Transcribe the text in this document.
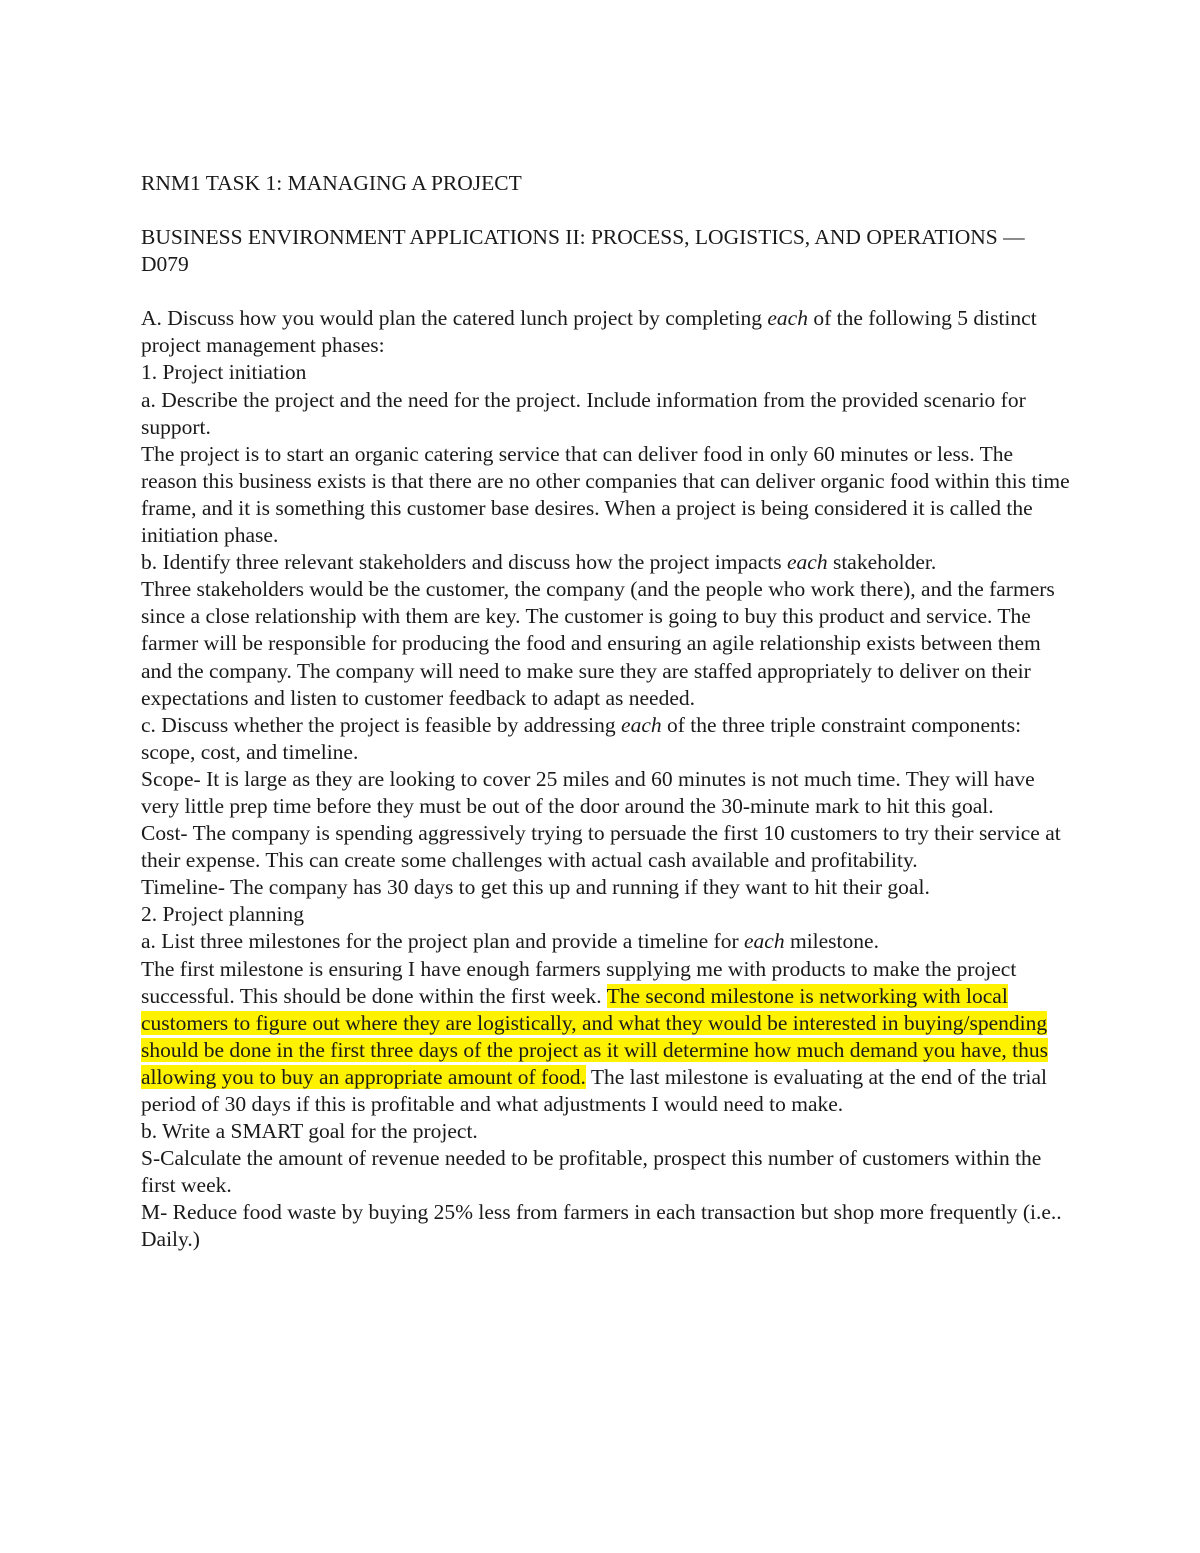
RNM1 TASK 1: MANAGING A PROJECT

BUSINESS ENVIRONMENT APPLICATIONS II: PROCESS, LOGISTICS, AND OPERATIONS — D079

A. Discuss how you would plan the catered lunch project by completing each of the following 5 distinct project management phases:

1. Project initiation

a. Describe the project and the need for the project. Include information from the provided scenario for support.

The project is to start an organic catering service that can deliver food in only 60 minutes or less. The reason this business exists is that there are no other companies that can deliver organic food within this time frame, and it is something this customer base desires. When a project is being considered it is called the initiation phase.

b. Identify three relevant stakeholders and discuss how the project impacts each stakeholder.

Three stakeholders would be the customer, the company (and the people who work there), and the farmers since a close relationship with them are key. The customer is going to buy this product and service. The farmer will be responsible for producing the food and ensuring an agile relationship exists between them and the company. The company will need to make sure they are staffed appropriately to deliver on their expectations and listen to customer feedback to adapt as needed.

c. Discuss whether the project is feasible by addressing each of the three triple constraint components: scope, cost, and timeline.

Scope- It is large as they are looking to cover 25 miles and 60 minutes is not much time. They will have very little prep time before they must be out of the door around the 30-minute mark to hit this goal.

Cost- The company is spending aggressively trying to persuade the first 10 customers to try their service at their expense. This can create some challenges with actual cash available and profitability.

Timeline- The company has 30 days to get this up and running if they want to hit their goal.

2. Project planning

a. List three milestones for the project plan and provide a timeline for each milestone.

The first milestone is ensuring I have enough farmers supplying me with products to make the project successful. This should be done within the first week. The second milestone is networking with local customers to figure out where they are logistically, and what they would be interested in buying/spending should be done in the first three days of the project as it will determine how much demand you have, thus allowing you to buy an appropriate amount of food. The last milestone is evaluating at the end of the trial period of 30 days if this is profitable and what adjustments I would need to make.

b. Write a SMART goal for the project.

S-Calculate the amount of revenue needed to be profitable, prospect this number of customers within the first week.

M- Reduce food waste by buying 25% less from farmers in each transaction but shop more frequently (i.e.. Daily.)
